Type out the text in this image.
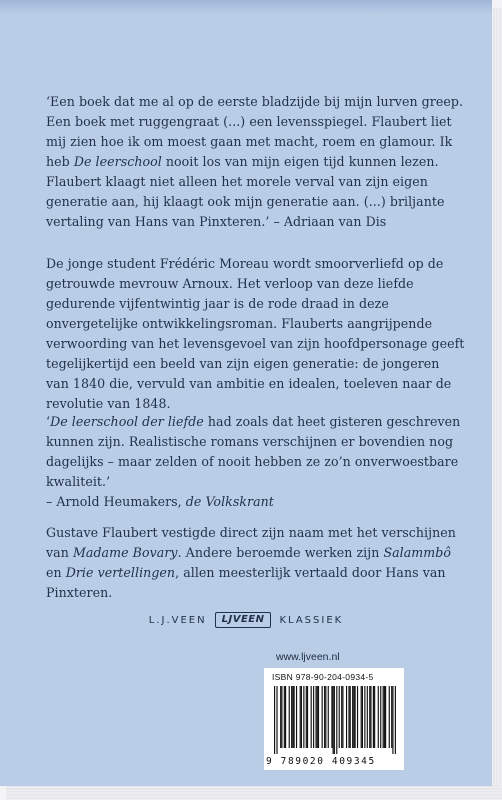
‘Een boek dat me al op de eerste bladzijde bij mijn lurven greep. Een boek met ruggengraat (...) een levensspiegel. Flaubert liet mij zien hoe ik om moest gaan met macht, roem en glamour. Ik heb De leerschool nooit los van mijn eigen tijd kunnen lezen. Flaubert klaagt niet alleen het morele verval van zijn eigen generatie aan, hij klaagt ook mijn generatie aan. (...) briljante vertaling van Hans van Pinxteren.’ – Adriaan van Dis

De jonge student Frédéric Moreau wordt smoorverliefd op de getrouwde mevrouw Arnoux. Het verloop van deze liefde gedurende vijfentwintig jaar is de rode draad in deze onvergetelijke ontwikkelingsroman. Flauberts aangrijpende verwoording van het levensgevoel van zijn hoofdpersonage geeft tegelijkertijd een beeld van zijn eigen generatie: de jongeren van 1840 die, vervuld van ambitie en idealen, toeleven naar de revolutie van 1848.

‘De leerschool der liefde had zoals dat heet gisteren geschreven kunnen zijn. Realistische romans verschijnen er bovendien nog dagelijks – maar zelden of nooit hebben ze zo’n onverwoestbare kwaliteit.’
– Arnold Heumakers, de Volkskrant

Gustave Flaubert vestigde direct zijn naam met het verschijnen van Madame Bovary. Andere beroemde werken zijn Salammbô en Drie vertellingen, allen meesterlijk vertaald door Hans van Pinxteren.

L.J.VEEN	LJVEEN	KLASSIEK
www.ljveen.nl
ISBN 978-90-204-0934-5
9 789020 409345
